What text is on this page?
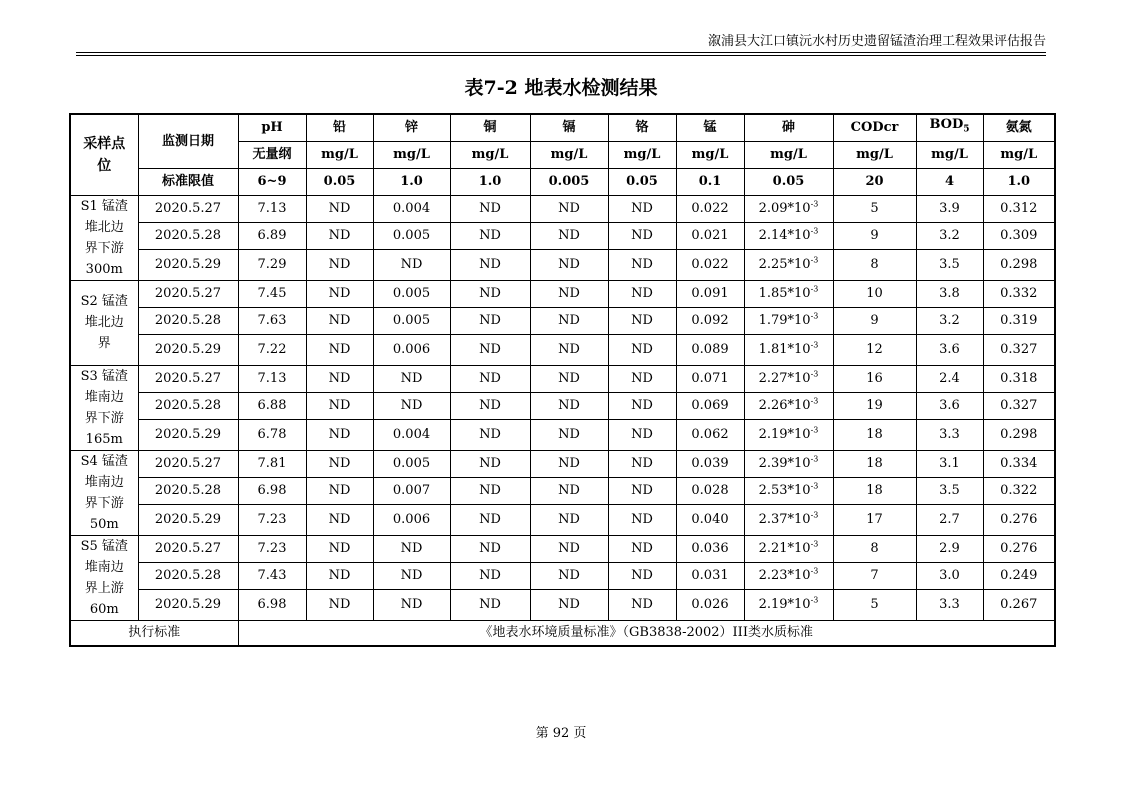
溆浦县大江口镇沅水村历史遗留锰渣治理工程效果评估报告
表7-2 地表水检测结果
采样点
位	监测日期	pH	铅	锌	铜	镉	铬	锰	砷	CODcr	$BOD_5$	氨氮
		无量纲	mg/L	mg/L	mg/L	mg/L	mg/L	mg/L	mg/L	mg/L	mg/L	mg/L
	标准限值	6~9	0.05	1.0	1.0	0.005	0.05	0.1	0.05	20	4	1.0

S1 锰渣
堆北边
界下游
300m	2020.5.27	7.13	ND	0.004	ND	ND	ND	0.022	$2.09*10^{-3}$	5	3.9	0.312
	2020.5.28	6.89	ND	0.005	ND	ND	ND	0.021	$2.14*10^{-3}$	9	3.2	0.309
	2020.5.29	7.29	ND	ND	ND	ND	ND	0.022	$2.25*10^{-3}$	8	3.5	0.298

S2 锰渣
堆北边
界	2020.5.27	7.45	ND	0.005	ND	ND	ND	0.091	$1.85*10^{-3}$	10	3.8	0.332
	2020.5.28	7.63	ND	0.005	ND	ND	ND	0.092	$1.79*10^{-3}$	9	3.2	0.319
	2020.5.29	7.22	ND	0.006	ND	ND	ND	0.089	$1.81*10^{-3}$	12	3.6	0.327

S3 锰渣
堆南边
界下游
165m	2020.5.27	7.13	ND	ND	ND	ND	ND	0.071	$2.27*10^{-3}$	16	2.4	0.318
	2020.5.28	6.88	ND	ND	ND	ND	ND	0.069	$2.26*10^{-3}$	19	3.6	0.327
	2020.5.29	6.78	ND	0.004	ND	ND	ND	0.062	$2.19*10^{-3}$	18	3.3	0.298

S4 锰渣
堆南边
界下游
50m	2020.5.27	7.81	ND	0.005	ND	ND	ND	0.039	$2.39*10^{-3}$	18	3.1	0.334
	2020.5.28	6.98	ND	0.007	ND	ND	ND	0.028	$2.53*10^{-3}$	18	3.5	0.322
	2020.5.29	7.23	ND	0.006	ND	ND	ND	0.040	$2.37*10^{-3}$	17	2.7	0.276

S5 锰渣
堆南边
界上游
60m	2020.5.27	7.23	ND	ND	ND	ND	ND	0.036	$2.21*10^{-3}$	8	2.9	0.276
	2020.5.28	7.43	ND	ND	ND	ND	ND	0.031	$2.23*10^{-3}$	7	3.0	0.249
	2020.5.29	6.98	ND	ND	ND	ND	ND	0.026	$2.19*10^{-3}$	5	3.3	0.267
执行标准		《地表水环境质量标准》（GB3838-2002）III类水质标准										
第 92 页
